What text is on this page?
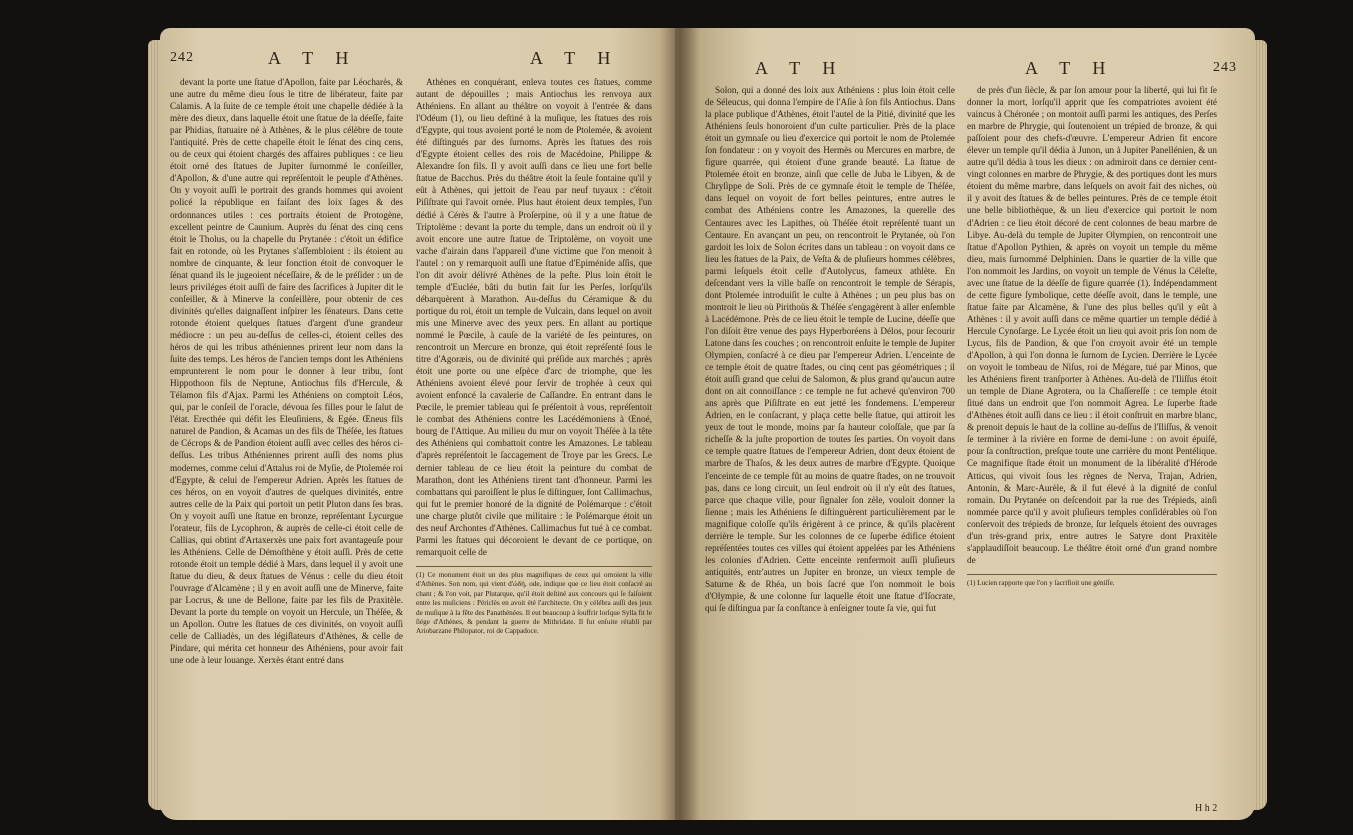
242	A T H	A T H

devant la porte une ſtatue d'Apollon, faite par Léocharès, & une autre du même dieu ſous le titre de libérateur, faite par Calamis. A la ſuite de ce temple étoit une chapelle dédiée à la mère des dieux, dans laquelle étoit une ſtatue de la déeſſe, faite par Phidias, ſtatuaire né à Athènes, & le plus célèbre de toute l'antiquité. Près de cette chapelle étoit le ſénat des cinq cens, ou de ceux qui étoient chargés des affaires publiques : ce lieu étoit orné des ſtatues de Jupiter ſurnommé le conſeiller, d'Apollon, & d'une autre qui repréſentoit le peuple d'Athènes. On y voyoit auſſi le portrait des grands hommes qui avoient policé la république en faiſant des loix ſages & des ordonnances utiles : ces portraits étoient de Protogène, excellent peintre de Caunium. Auprès du ſénat des cinq cens étoit le Tholus, ou la chapelle du Prytanée : c'étoit un édifice fait en rotonde, où les Prytanes s'aſſembloient : ils étoient au nombre de cinquante, & leur fonction étoit de convoquer le ſénat quand ils le jugeoient néceſſaire, & de le préſider : un de leurs priviléges étoit auſſi de faire des ſacrifices à Jupiter dit le conſeiller, & à Minerve la conſeillère, pour obtenir de ces divinités qu'elles daignaſſent inſpirer les ſénateurs. Dans cette rotonde étoient quelques ſtatues d'argent d'une grandeur médiocre : un peu au-deſſus de celles-ci, étoient celles des héros de qui les tribus athéniennes prirent leur nom dans la ſuite des temps. Les héros de l'ancien temps dont les Athéniens emprunterent le nom pour le donner à leur tribu, ſont Hippothoon fils de Neptune, Antiochus fils d'Hercule, & Télamon fils d'Ajax. Parmi les Athéniens on comptoit Léos, qui, par le conſeil de l'oracle, dévoua ſes filles pour le ſalut de l'état. Erecthée qui défit les Eleuſiniens, & Egée. Œneus fils naturel de Pandion, & Acamas un des fils de Théſée, les ſtatues de Cécrops & de Pandion étoient auſſi avec celles des héros ci-deſſus. Les tribus Athéniennes prirent auſſi des noms plus modernes, comme celui d'Attalus roi de Myſie, de Ptolemée roi d'Egypte, & celui de l'empereur Adrien. Après les ſtatues de ces héros, on en voyoit d'autres de quelques divinités, entre autres celle de la Paix qui portoit un petit Pluton dans ſes bras. On y voyoit auſſi une ſtatue en bronze, repréſentant Lycurgue l'orateur, fils de Lycophron, & auprès de celle-ci étoit celle de Callias, qui obtint d'Artaxerxès une paix fort avantageuſe pour les Athéniens. Celle de Démoſthène y étoit auſſi. Près de cette rotonde étoit un temple dédié à Mars, dans lequel il y avoit une ſtatue du dieu, & deux ſtatues de Vénus : celle du dieu étoit l'ouvrage d'Alcamène ; il y en avoit auſſi une de Minerve, faite par Locrus, & une de Bellone, faite par les fils de Praxitèle. Devant la porte du temple on voyoit un Hercule, un Théſée, & un Apollon. Outre les ſtatues de ces divinités, on voyoit auſſi celle de Calliadès, un des légiſlateurs d'Athènes, & celle de Pindare, qui mérita cet honneur des Athéniens, pour avoir fait une ode à leur louange. Xerxès étant entré dans

Athènes en conquérant, enleva toutes ces ſtatues, comme autant de dépouilles ; mais Antiochus les renvoya aux Athéniens. En allant au théâtre on voyoit à l'entrée & dans l'Odéum (1), ou lieu deſtiné à la muſique, les ſtatues des rois d'Egypte, qui tous avoient porté le nom de Ptolemée, & avoient été diſtingués par des ſurnoms. Après les ſtatues des rois d'Egypte étoient celles des rois de Macédoine, Philippe & Alexandre ſon fils. Il y avoit auſſi dans ce lieu une fort belle ſtatue de Bacchus. Près du théâtre étoit la ſeule fontaine qu'il y eût à Athènes, qui jettoit de l'eau par neuf tuyaux : c'étoit Piſiſtrate qui l'avoit ornée. Plus haut étoient deux temples, l'un dédié à Cérès & l'autre à Proſerpine, où il y a une ſtatue de Triptolème : devant la porte du temple, dans un endroit où il y avoit encore une autre ſtatue de Triptolème, on voyoit une vache d'airain dans l'appareil d'une victime que l'on menoit à l'autel : on y remarquoit auſſi une ſtatue d'Epiménide aſſis, que l'on dit avoir délivré Athènes de la peſte. Plus loin étoit le temple d'Euclée, bâti du butin fait ſur les Perſes, lorſqu'ils débarquèrent à Marathon. Au-deſſus du Céramique & du portique du roi, étoit un temple de Vulcain, dans lequel on avoit mis une Minerve avec des yeux pers. En allant au portique nommé le Pœcile, à cauſe de la variété de ſes peintures, on rencontroit un Mercure en bronze, qui étoit repréſenté ſous le titre d'Agoræis, ou de divinité qui préſide aux marchés ; après étoit une porte ou une eſpèce d'arc de triomphe, que les Athéniens avoient élevé pour ſervir de trophée à ceux qui avoient enfoncé la cavalerie de Caſſandre. En entrant dans le Pœcile, le premier tableau qui ſe préſentoit à vous, repréſentoit le combat des Athéniens contre les Lacédémoniens à Œnoé, bourg de l'Attique. Au milieu du mur on voyoit Théſée à la tête des Athéniens qui combattoit contre les Amazones. Le tableau d'après repréſentoit le ſaccagement de Troye par les Grecs. Le dernier tableau de ce lieu étoit la peinture du combat de Marathon, dont les Athéniens tirent tant d'honneur. Parmi les combattans qui paroiſſent le plus ſe diſtinguer, ſont Callimachus, qui fut le premier honoré de la dignité de Polémarque : c'étoit une charge plutôt civile que militaire : le Polémarque étoit un des neuf Archontes d'Athènes. Callimachus fut tué à ce combat. Parmi les ſtatues qui décoroient le devant de ce portique, on remarquoit celle de

(1) Ce monument étoit un des plus magnifiques de ceux qui ornoient la ville d'Athènes. Son nom, qui vient d'ὠδή, ode, indique que ce lieu étoit conſacré au chant ; & l'on voit, par Plutarque, qu'il étoit deſtiné aux concours qui ſe faiſoient entre les muſiciens : Périclès en avoit été l'architecte. On y célébra auſſi des jeux de muſique à la fête des Panathénées. Il eut beaucoup à ſouffrir lorſque Sylla fit le ſiége d'Athènes, & pendant la guerre de Mithridate. Il fut enſuite rétabli par Ariobarzane Philopator, roi de Cappadoce.
A T H	A T H	243

Solon, qui a donné des loix aux Athéniens : plus loin étoit celle de Séleucus, qui donna l'empire de l'Aſie à ſon fils Antiochus. Dans la place publique d'Athènes, étoit l'autel de la Pitié, divinité que les Athéniens ſeuls honoroient d'un culte particulier. Près de la place étoit un gymnaſe ou lieu d'exercice qui portoit le nom de Ptolemée ſon fondateur : on y voyoit des Hermès ou Mercures en marbre, de figure quarrée, qui étoient d'une grande beauté. La ſtatue de Ptolemée étoit en bronze, ainſi que celle de Juba le Libyen, & de Chryſippe de Soli. Près de ce gymnaſe étoit le temple de Théſée, dans lequel on voyoit de fort belles peintures, entre autres le combat des Athéniens contre les Amazones, la querelle des Centaures avec les Lapithes, où Théſée étoit repréſenté tuant un Centaure. En avançant un peu, on rencontroit le Prytanée, où l'on gardoit les loix de Solon écrites dans un tableau : on voyoit dans ce lieu les ſtatues de la Paix, de Veſta & de pluſieurs hommes célèbres, parmi leſquels étoit celle d'Autolycus, fameux athlète. En deſcendant vers la ville baſſe on rencontroit le temple de Sérapis, dont Ptolemée introduiſit le culte à Athènes ; un peu plus bas on montroit le lieu où Pirithoüs & Théſée s'engagèrent à aller enſemble à Lacédémone. Près de ce lieu étoit le temple de Lucine, déeſſe que l'on diſoit être venue des pays Hyperboréens à Délos, pour ſecourir Latone dans ſes couches ; on rencontroit enſuite le temple de Jupiter Olympien, conſacré à ce dieu par l'empereur Adrien. L'enceinte de ce temple étoit de quatre ſtades, ou cinq cent pas géométriques ; il étoit auſſi grand que celui de Salomon, & plus grand qu'aucun autre dont on ait connoiſſance : ce temple ne fut achevé qu'environ 700 ans après que Piſiſtrate en eut jetté les fondemens. L'empereur Adrien, en le conſacrant, y plaça cette belle ſtatue, qui attiroit les yeux de tout le monde, moins par ſa hauteur coloſſale, que par ſa richeſſe & la juſte proportion de toutes ſes parties. On voyoit dans ce temple quatre ſtatues de l'empereur Adrien, dont deux étoient de marbre de Thaſos, & les deux autres de marbre d'Egypte. Quoique l'enceinte de ce temple fût au moins de quatre ſtades, on ne trouvoit pas, dans ce long circuit, un ſeul endroit où il n'y eût des ſtatues, parce que chaque ville, pour ſignaler ſon zèle, vouloit donner la ſienne ; mais les Athéniens ſe diſtinguèrent particulièrement par le magnifique coloſſe qu'ils érigèrent à ce prince, & qu'ils placèrent derrière le temple. Sur les colonnes de ce ſuperbe édifice étoient repréſentées toutes ces villes qui étoient appelées par les Athéniens les colonies d'Adrien. Cette enceinte renfermoit auſſi pluſieurs antiquités, entr'autres un Jupiter en bronze, un vieux temple de Saturne & de Rhéa, un bois ſacré que l'on nommoit le bois d'Olympie, & une colonne ſur laquelle étoit une ſtatue d'Iſocrate, qui ſe diſtingua par ſa conſtance à enſeigner toute ſa vie, qui fut

de près d'un ſiècle, & par ſon amour pour la liberté, qui lui fit ſe donner la mort, lorſqu'il apprit que ſes compatriotes avoient été vaincus à Chéronée ; on montoit auſſi parmi les antiques, des Perſes en marbre de Phrygie, qui ſoutenoient un trépied de bronze, & qui paſſoient pour des chefs-d'œuvre. L'empereur Adrien fit encore élever un temple qu'il dédia à Junon, un à Jupiter Panellénien, & un autre qu'il dédia à tous les dieux : on admiroit dans ce dernier cent-vingt colonnes en marbre de Phrygie, & des portiques dont les murs étoient du même marbre, dans leſquels on avoit fait des niches, où il y avoit des ſtatues & de belles peintures. Près de ce temple étoit une belle bibliothèque, & un lieu d'exercice qui portoit le nom d'Adrien : ce lieu étoit décoré de cent colonnes de beau marbre de Libye. Au-delà du temple de Jupiter Olympien, on rencontroit une ſtatue d'Apollon Pythien, & après on voyoit un temple du même dieu, mais ſurnommé Delphinien. Dans le quartier de la ville que l'on nommoit les Jardins, on voyoit un temple de Vénus la Céleſte, avec une ſtatue de la déeſſe de figure quarrée (1). Indépendamment de cette figure ſymbolique, cette déeſſe avoit, dans le temple, une ſtatue faite par Alcamène, & l'une des plus belles qu'il y eût à Athènes : il y avoit auſſi dans ce même quartier un temple dédié à Hercule Cynoſarge. Le Lycée étoit un lieu qui avoit pris ſon nom de Lycus, fils de Pandion, & que l'on croyoit avoir été un temple d'Apollon, à qui l'on donna le ſurnom de Lycien. Derrière le Lycée on voyoit le tombeau de Niſus, roi de Mégare, tué par Minos, que les Athéniens firent tranſporter à Athènes. Au-delà de l'Iliſſus étoit un temple de Diane Agrotera, ou la Chaſſereſſe : ce temple étoit ſitué dans un endroit que l'on nommoit Agrea. Le ſuperbe ſtade d'Athènes étoit auſſi dans ce lieu : il étoit conſtruit en marbre blanc, & prenoit depuis le haut de la colline au-deſſus de l'Iliſſus, & venoit ſe terminer à la rivière en forme de demi-lune : on avoit épuiſé, pour ſa conſtruction, preſque toute une carrière du mont Pentélique. Ce magnifique ſtade étoit un monument de la libéralité d'Hérode Atticus, qui vivoit ſous les règnes de Nerva, Trajan, Adrien, Antonin, & Marc-Aurèle, & il fut élevé à la dignité de conſul romain. Du Prytanée on deſcendoit par la rue des Trépieds, ainſi nommée parce qu'il y avoit pluſieurs temples conſidérables où l'on conſervoit des trépieds de bronze, ſur leſquels étoient des ouvrages d'un très-grand prix, entre autres le Satyre dont Praxitèle s'applaudiſſoit beaucoup. Le théâtre étoit orné d'un grand nombre de

(1) Lucien rapporte que l'on y ſacrifioit une géniſſe.
H h 2
